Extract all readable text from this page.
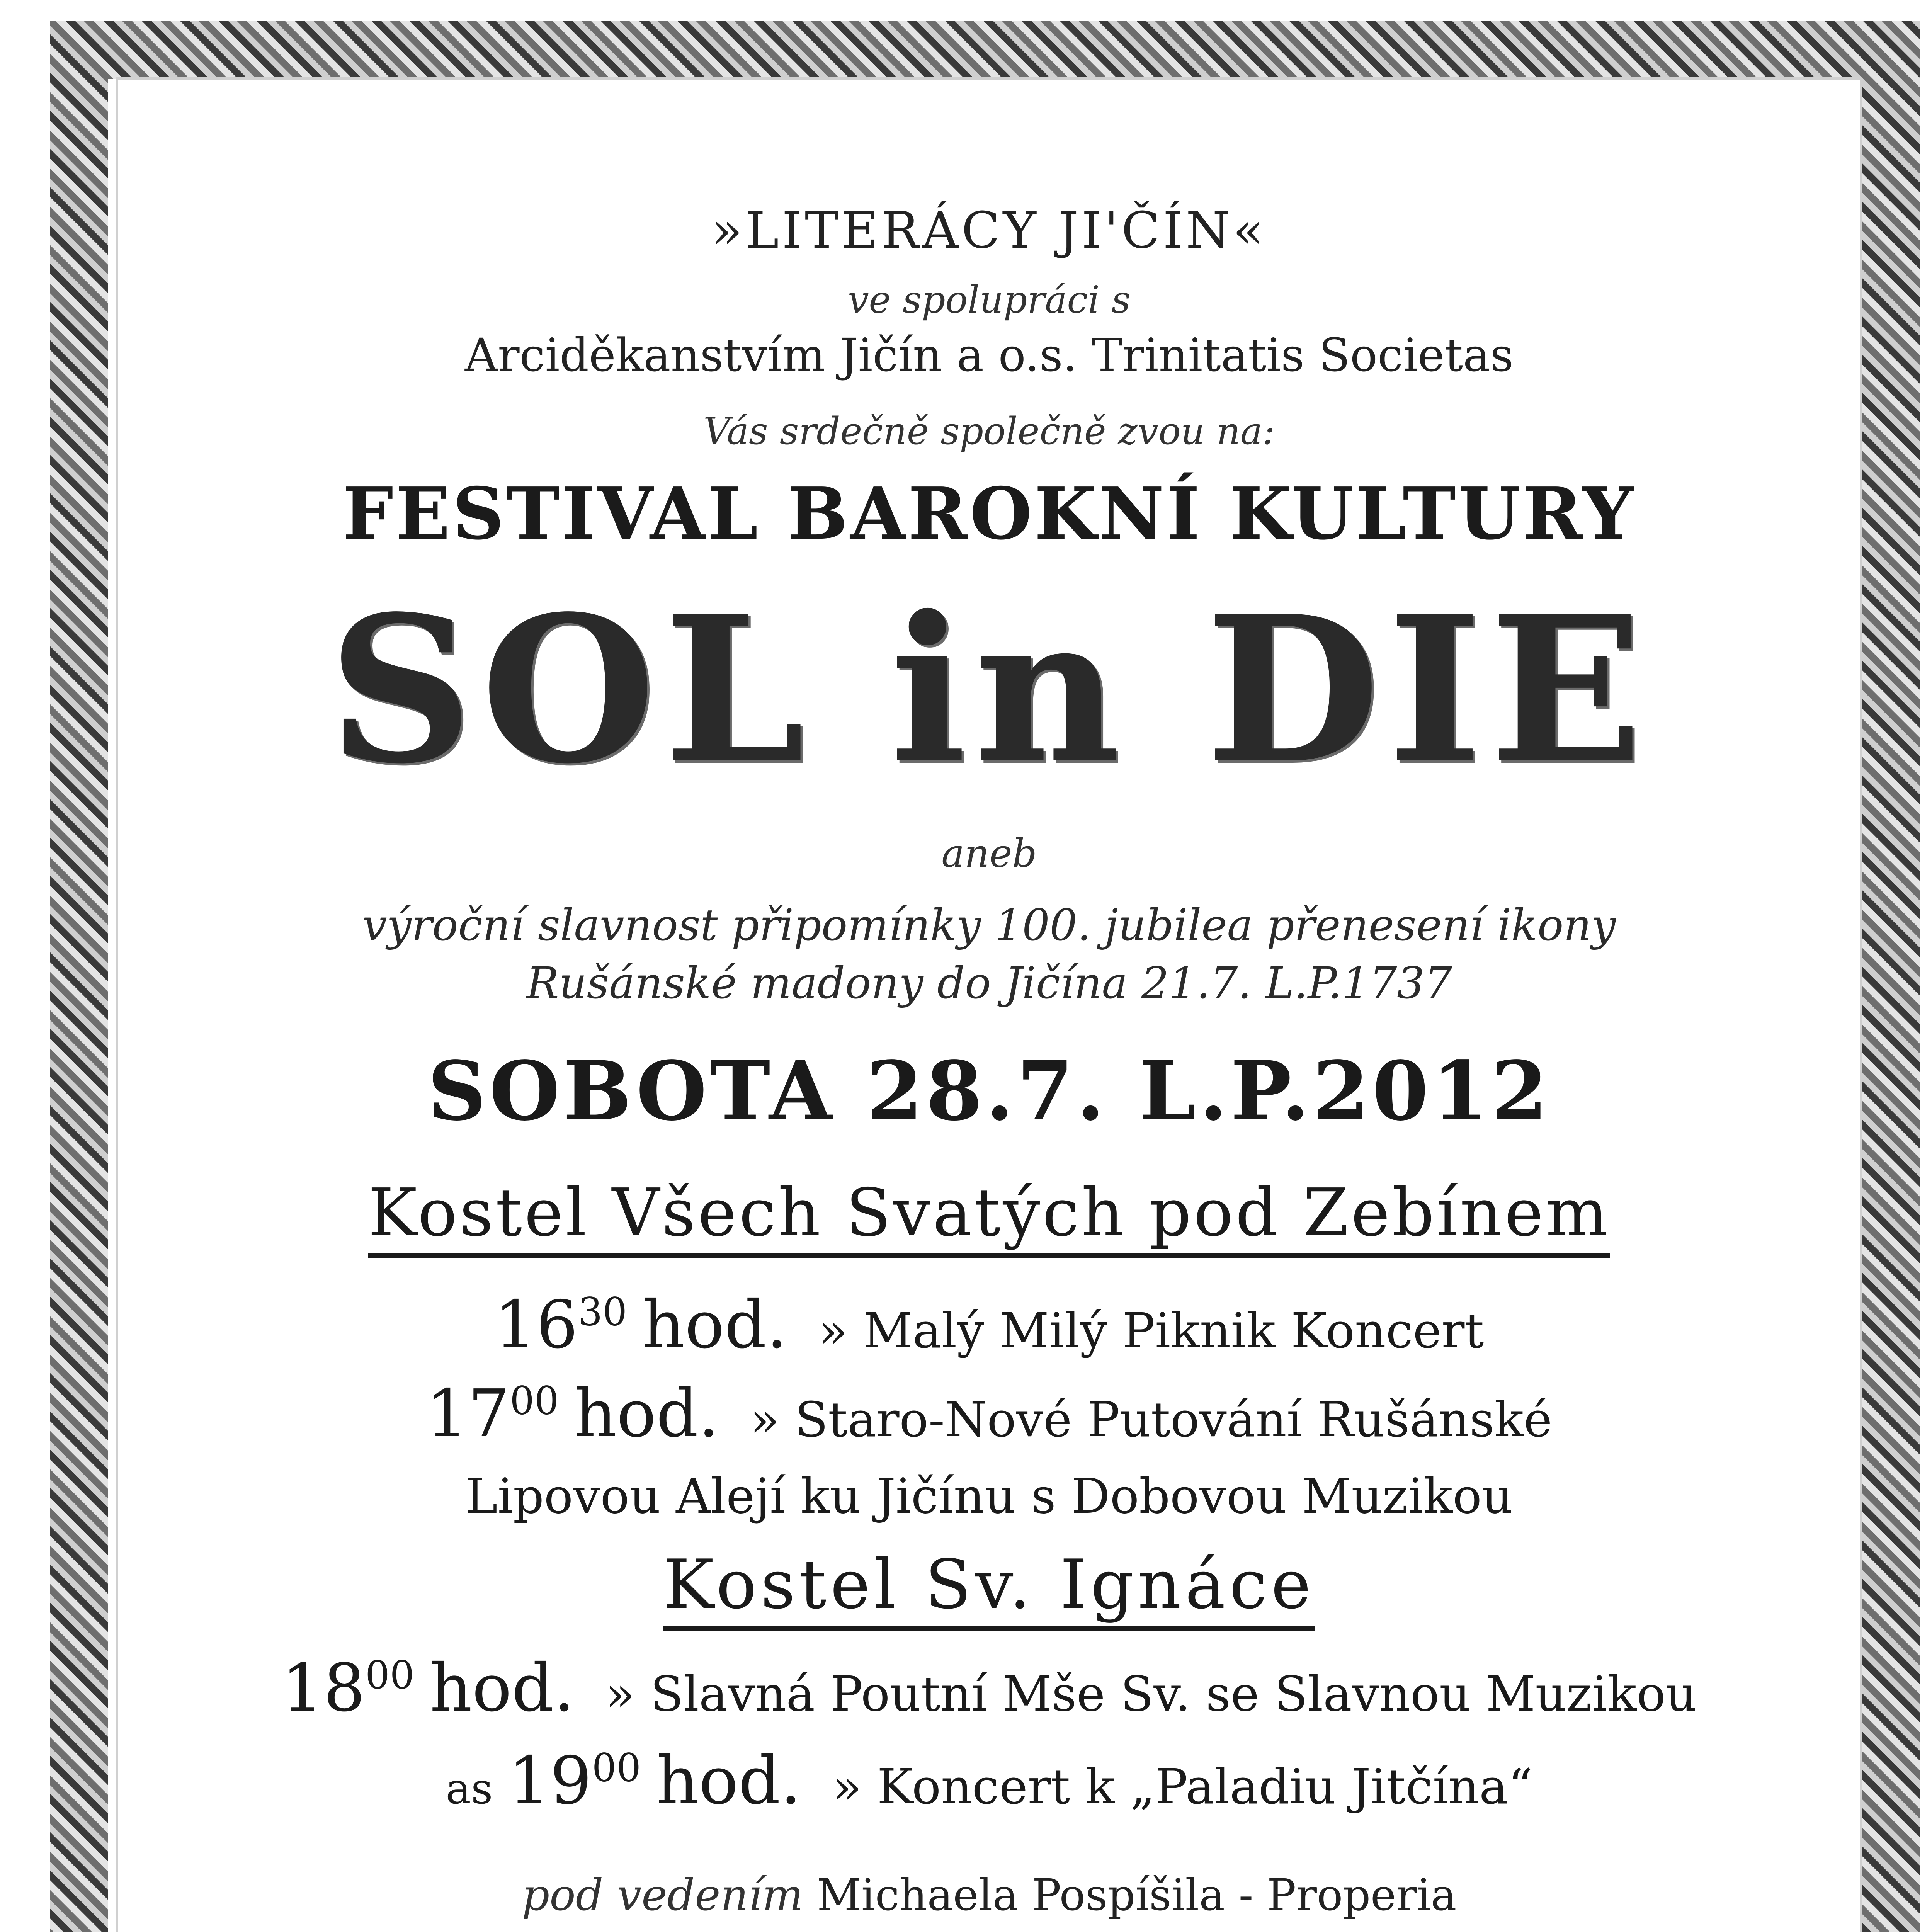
»LITERÁCY JI'ČÍN«
ve spolupráci s
Arciděkanstvím Jičín a o.s. Trinitatis Societas
Vás srdečně společně zvou na:
FESTIVAL BAROKNÍ KULTURY
SOL in DIE
aneb
výroční slavnost připomínky 100. jubilea přenesení ikony
Rušánské madony do Jičína 21.7. L.P.1737
SOBOTA 28.7. L.P.2012
Kostel Všech Svatých pod Zebínem
$16^{30}$ hod. » Malý Milý Piknik Koncert
$17^{00}$ hod. » Staro-Nové Putování Rušánské
Lipovou Alejí ku Jičínu s Dobovou Muzikou
Kostel Sv. Ignáce
$18^{00}$ hod. » Slavná Poutní Mše Sv. se Slavnou Muzikou
as $19^{00}$ hod. » Koncert k „Paladiu Jitčína“
pod vedením Michaela Pospíšila - Properia
